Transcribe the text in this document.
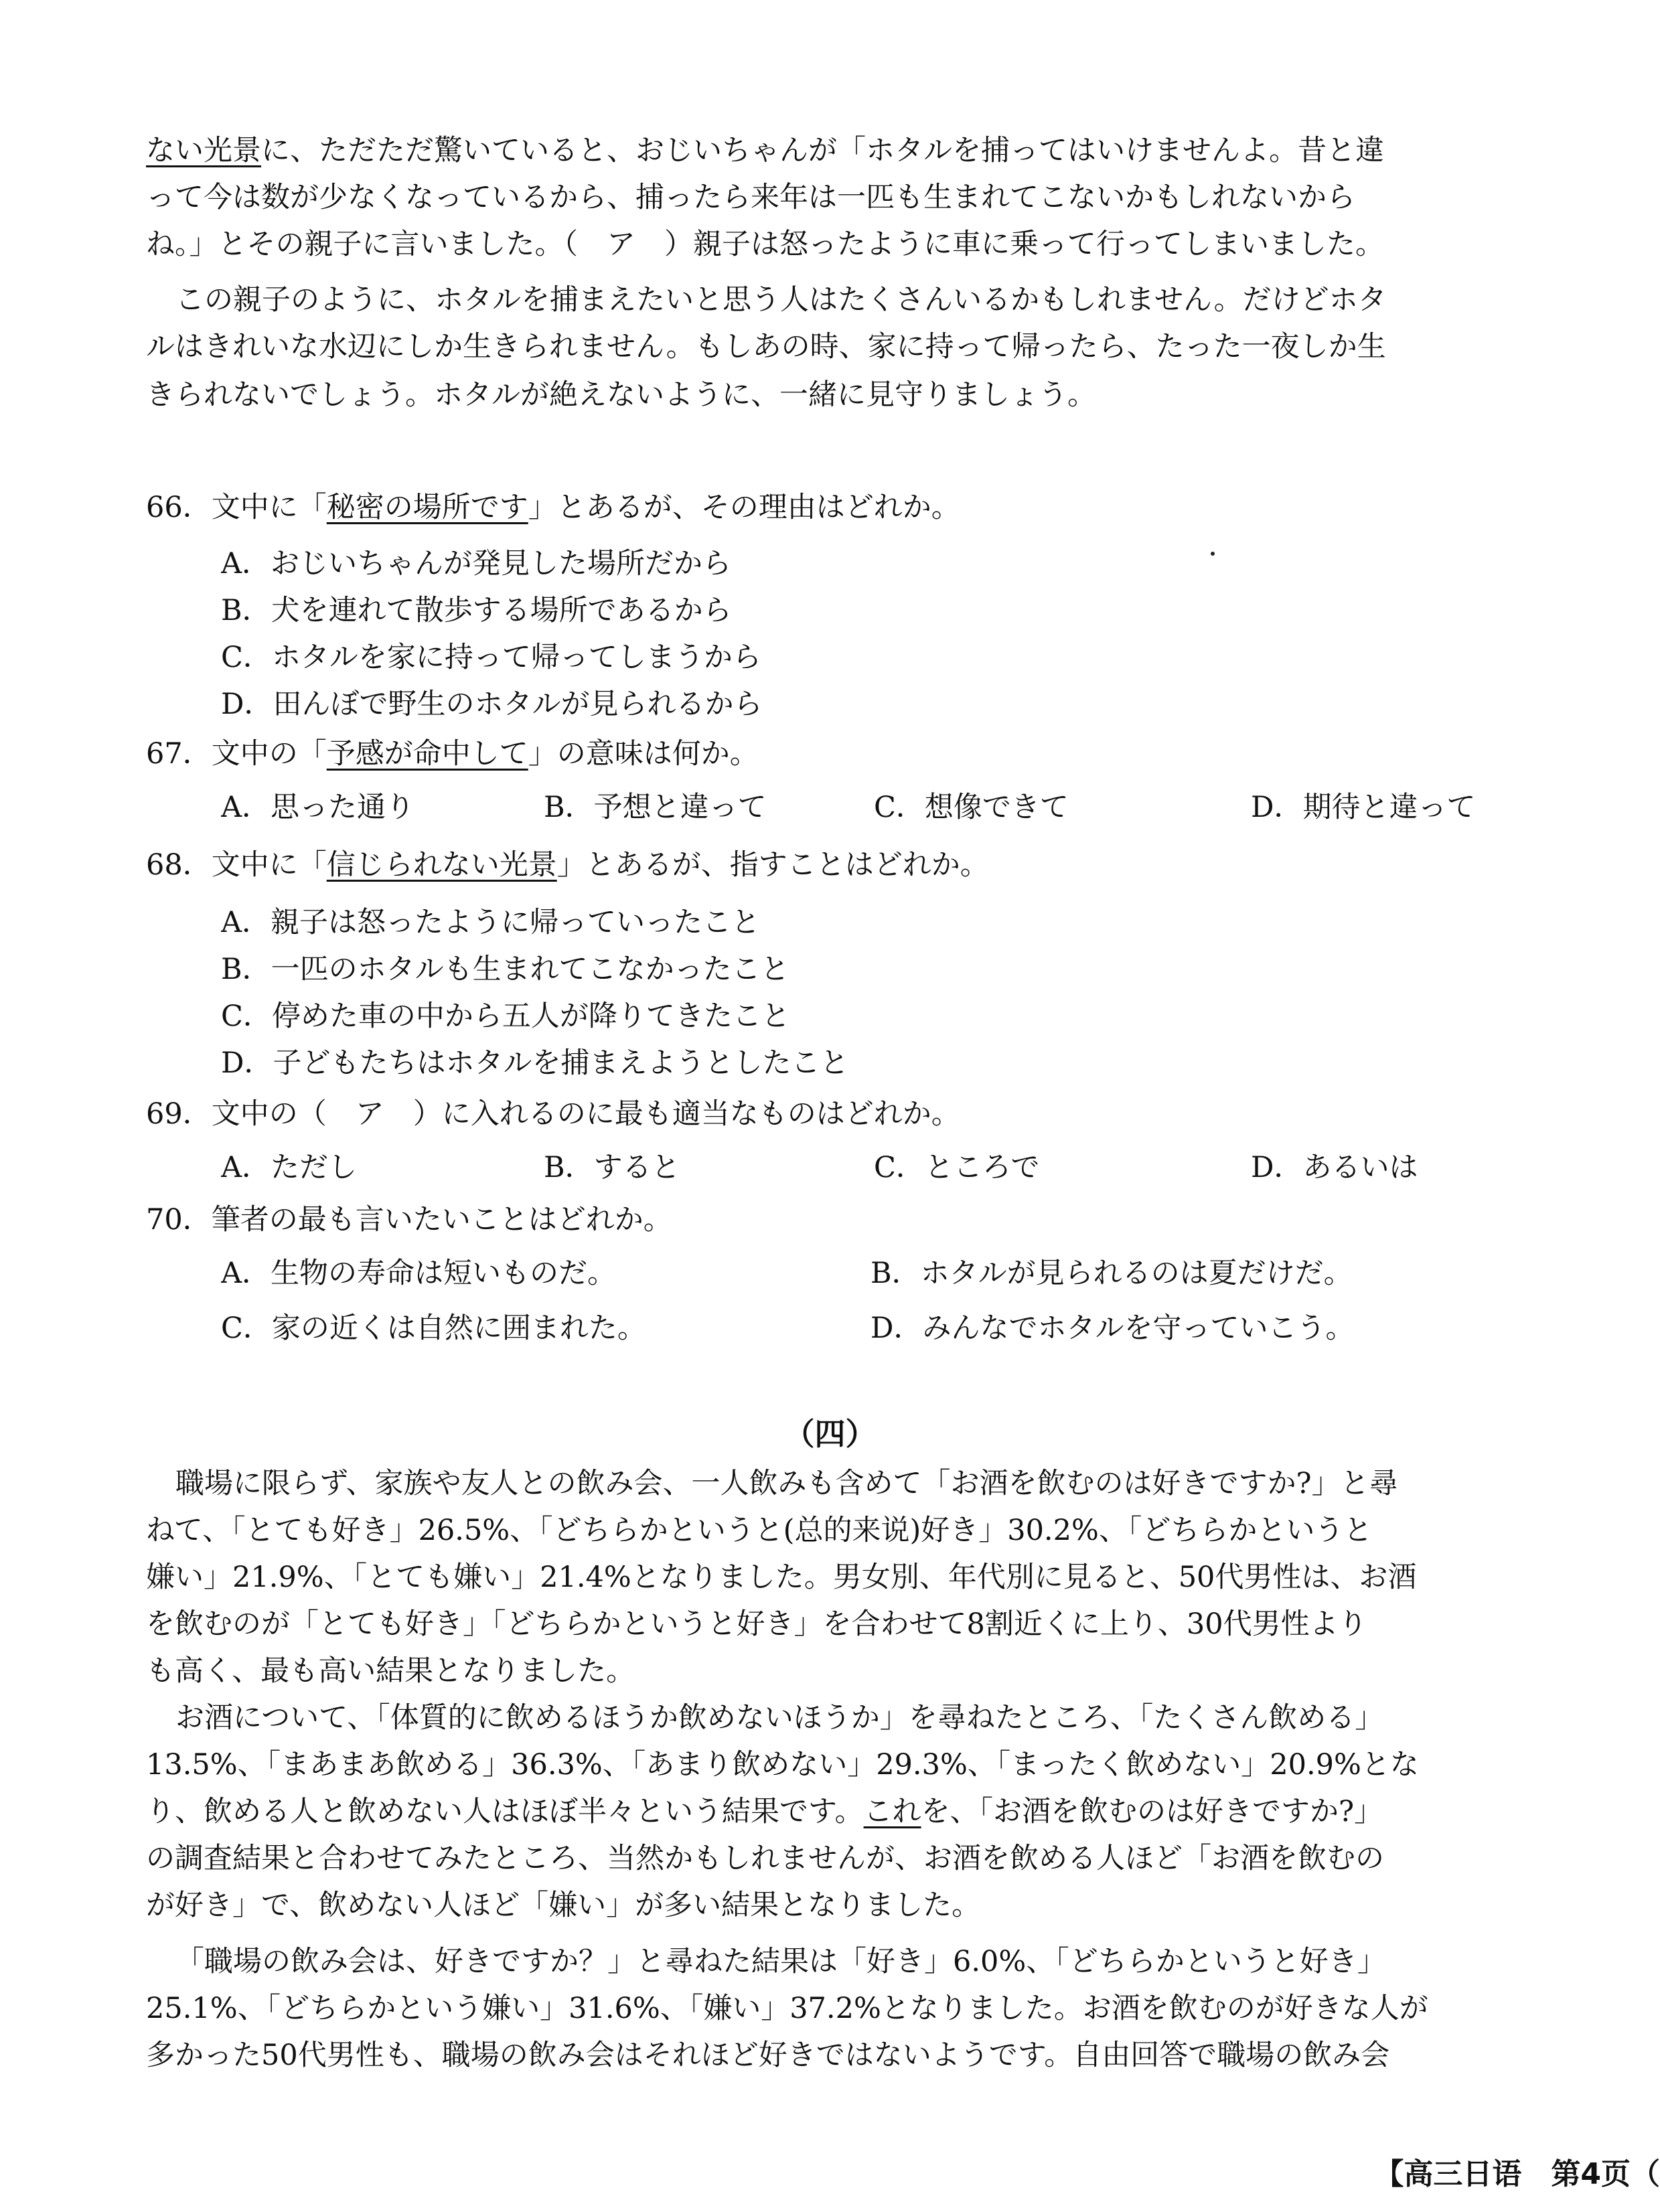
ない光景に、ただただ驚いていると、おじいちゃんが「ホタルを捕ってはいけませんよ。昔と違
って今は数が少なくなっているから、捕ったら来年は一匹も生まれてこないかもしれないから
ね。」とその親子に言いました。（　ア　）親子は怒ったように車に乗って行ってしまいました。
この親子のように、ホタルを捕まえたいと思う人はたくさんいるかもしれません。だけどホタ
ルはきれいな水辺にしか生きられません。もしあの時、家に持って帰ったら、たった一夜しか生
きられないでしょう。ホタルが絶えないように、一緒に見守りましょう。
66．文中に「秘密の場所です」とあるが、その理由はどれか。
A．おじいちゃんが発見した場所だから
B．犬を連れて散歩する場所であるから
C．ホタルを家に持って帰ってしまうから
D．田んぼで野生のホタルが見られるから
67．文中の「予感が命中して」の意味は何か。
A．思った通り	B．予想と違って	C．想像できて	D．期待と違って
68．文中に「信じられない光景」とあるが、指すことはどれか。
A．親子は怒ったように帰っていったこと
B．一匹のホタルも生まれてこなかったこと
C．停めた車の中から五人が降りてきたこと
D．子どもたちはホタルを捕まえようとしたこと
69．文中の（　ア　）に入れるのに最も適当なものはどれか。
A．ただし	B．すると	C．ところで	D．あるいは
70．筆者の最も言いたいことはどれか。
A．生物の寿命は短いものだ。	B．ホタルが見られるのは夏だけだ。
C．家の近くは自然に囲まれた。	D．みんなでホタルを守っていこう。
（四）
職場に限らず、家族や友人との飲み会、一人飲みも含めて「お酒を飲むのは好きですか?」と尋
ねて、「とても好き」26.5%、「どちらかというと(总的来说)好き」30.2%、「どちらかというと
嫌い」21.9%、「とても嫌い」21.4%となりました。男女別、年代別に見ると、50代男性は、お酒
を飲むのが「とても好き」「どちらかというと好き」を合わせて8割近くに上り、30代男性より
も高く、最も高い結果となりました。
お酒について、「体質的に飲めるほうか飲めないほうか」を尋ねたところ、「たくさん飲める」
13.5%、「まあまあ飲める」36.3%、「あまり飲めない」29.3%、「まったく飲めない」20.9%とな
り、飲める人と飲めない人はほぼ半々という結果です。これを、「お酒を飲むのは好きですか?」
の調査結果と合わせてみたところ、当然かもしれませんが、お酒を飲める人ほど「お酒を飲むの
が好き」で、飲めない人ほど「嫌い」が多い結果となりました。
「職場の飲み会は、好きですか？」と尋ねた結果は「好き」6.0%、「どちらかというと好き」
25.1%、「どちらかという嫌い」31.6%、「嫌い」37.2%となりました。お酒を飲むのが好きな人が
多かった50代男性も、職場の飲み会はそれほど好きではないようです。自由回答で職場の飲み会
【高三日语　第4页（
